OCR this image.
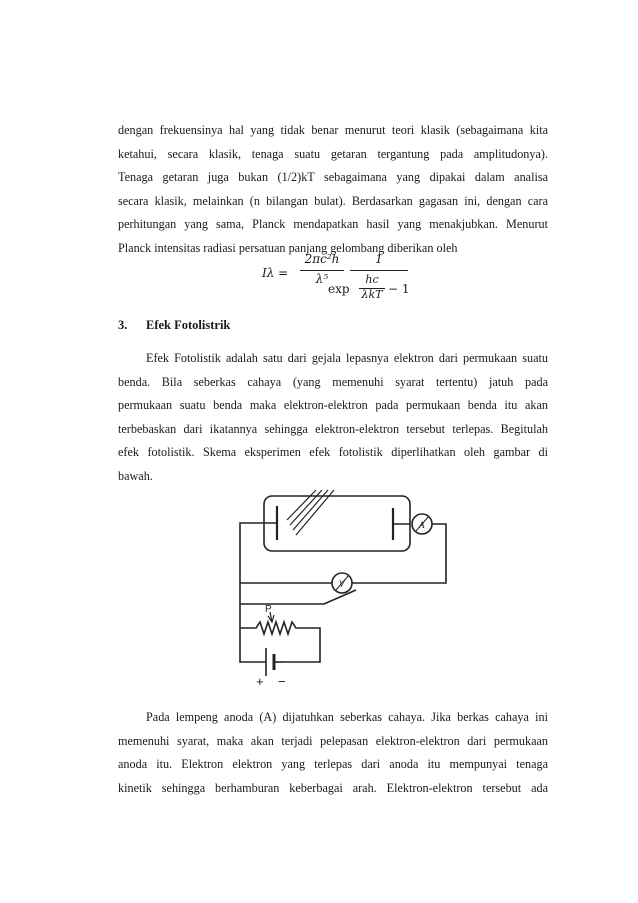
dengan frekuensinya hal yang tidak benar menurut teori klasik (sebagaimana kita
ketahui, secara klasik, tenaga suatu getaran tergantung pada amplitudonya).
Tenaga getaran juga bukan (1/2)kT sebagaimana yang dipakai dalam analisa
secara klasik, melainkan (n bilangan bulat). Berdasarkan gagasan ini, dengan cara
perhitungan yang sama, Planck mendapatkan hasil yang menakjubkan. Menurut
Planck intensitas radiasi persatuan panjang gelombang diberikan oleh
Iλ =
2πc²h
λ⁵
1
exp
hc
λkT − 1
3. Efek Fotolistrik
Efek Fotolistik adalah satu dari gejala lepasnya elektron dari permukaan suatu
benda. Bila seberkas cahaya (yang memenuhi syarat tertentu) jatuh pada
permukaan suatu benda maka elektron-elektron pada permukaan benda itu akan
terbebaskan dari ikatannya sehingga elektron-elektron tersebut terlepas. Begitulah
efek fotolistik. Skema eksperimen efek fotolistik diperlihatkan oleh gambar di
bawah.
P
V
A
+ −
Pada lempeng anoda (A) dijatuhkan seberkas cahaya. Jika berkas cahaya ini
memenuhi syarat, maka akan terjadi pelepasan elektron-elektron dari permukaan
anoda itu. Elektron elektron yang terlepas dari anoda itu mempunyai tenaga
kinetik sehingga berhamburan keberbagai arah. Elektron-elektron tersebut ada
